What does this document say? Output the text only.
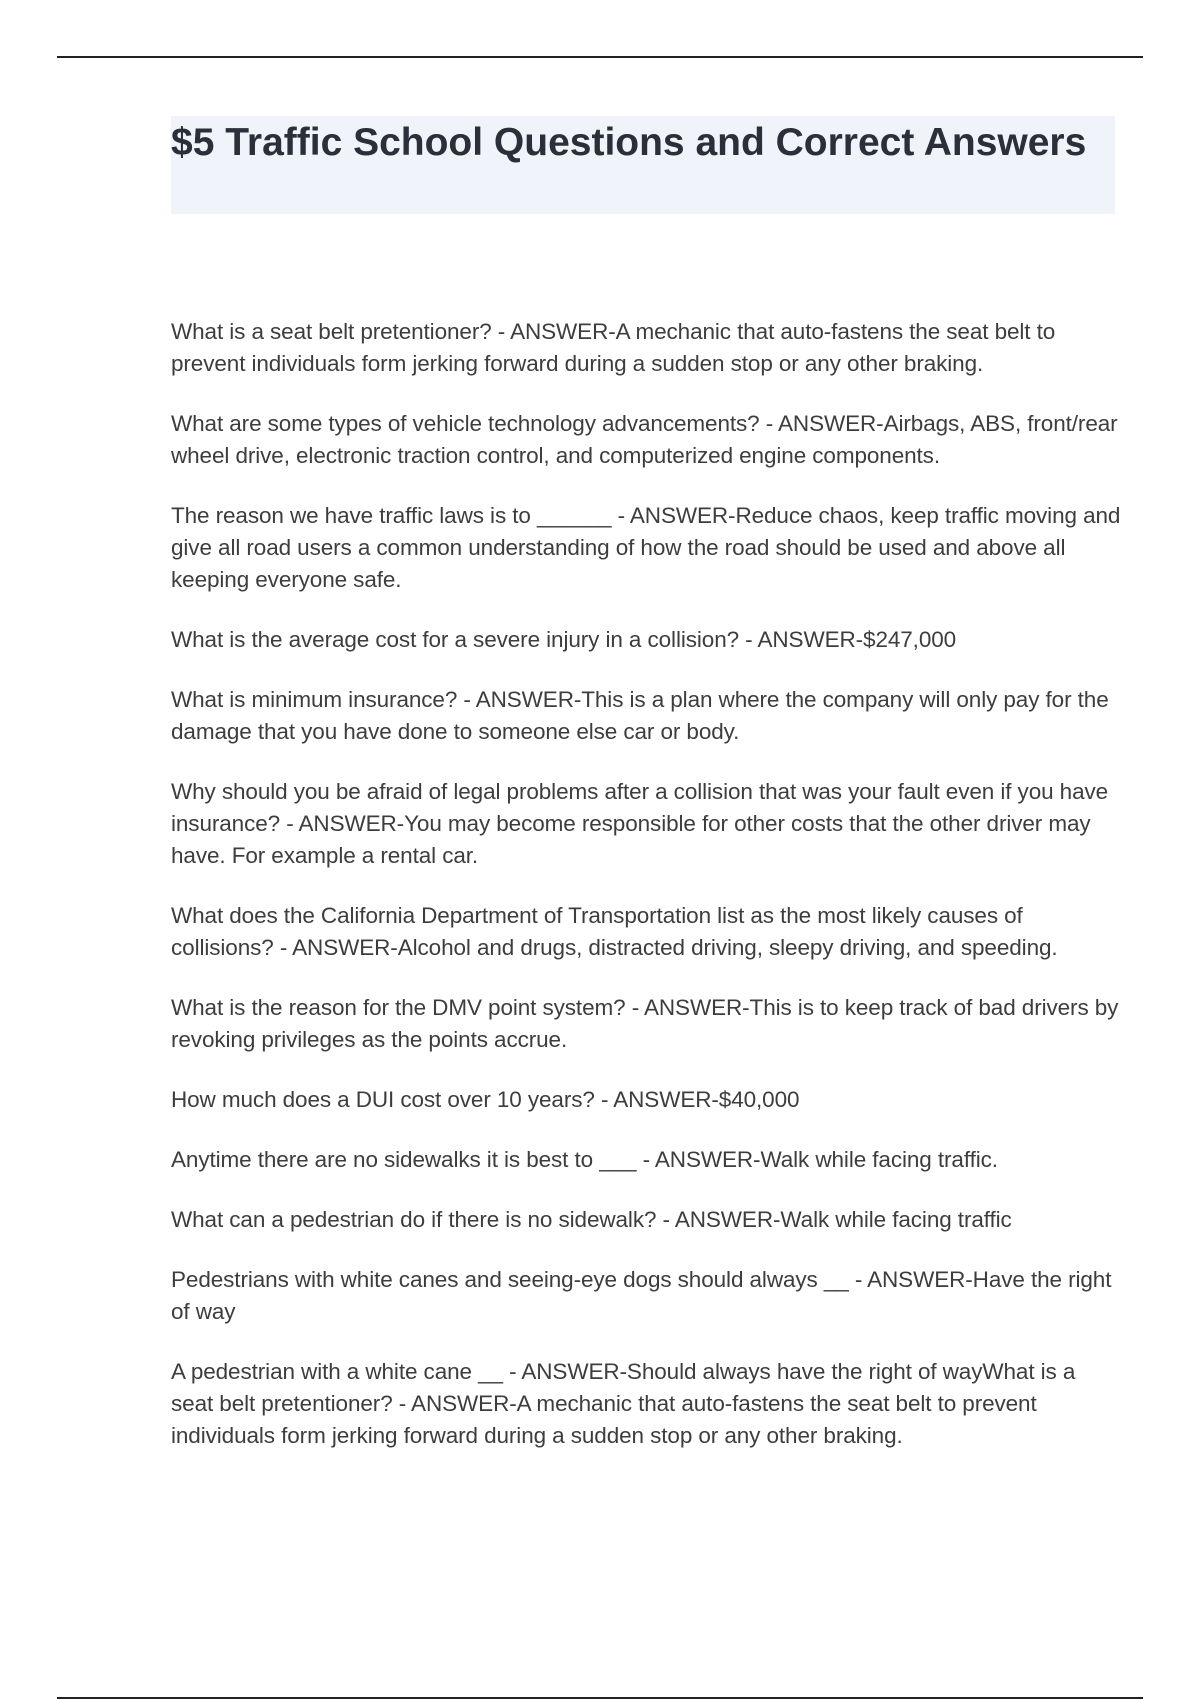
$5 Traffic School Questions and Correct Answers

What is a seat belt pretentioner? - ANSWER-A mechanic that auto-fastens the seat belt to prevent individuals form jerking forward during a sudden stop or any other braking.

What are some types of vehicle technology advancements? - ANSWER-Airbags, ABS, front/rear wheel drive, electronic traction control, and computerized engine components.

The reason we have traffic laws is to ______ - ANSWER-Reduce chaos, keep traffic moving and give all road users a common understanding of how the road should be used and above all keeping everyone safe.

What is the average cost for a severe injury in a collision? - ANSWER-$247,000

What is minimum insurance? - ANSWER-This is a plan where the company will only pay for the damage that you have done to someone else car or body.

Why should you be afraid of legal problems after a collision that was your fault even if you have insurance? - ANSWER-You may become responsible for other costs that the other driver may have. For example a rental car.

What does the California Department of Transportation list as the most likely causes of collisions? - ANSWER-Alcohol and drugs, distracted driving, sleepy driving, and speeding.

What is the reason for the DMV point system? - ANSWER-This is to keep track of bad drivers by revoking privileges as the points accrue.

How much does a DUI cost over 10 years? - ANSWER-$40,000

Anytime there are no sidewalks it is best to ___ - ANSWER-Walk while facing traffic.

What can a pedestrian do if there is no sidewalk? - ANSWER-Walk while facing traffic

Pedestrians with white canes and seeing-eye dogs should always __ - ANSWER-Have the right of way

A pedestrian with a white cane __ - ANSWER-Should always have the right of wayWhat is a seat belt pretentioner? - ANSWER-A mechanic that auto-fastens the seat belt to prevent individuals form jerking forward during a sudden stop or any other braking.
